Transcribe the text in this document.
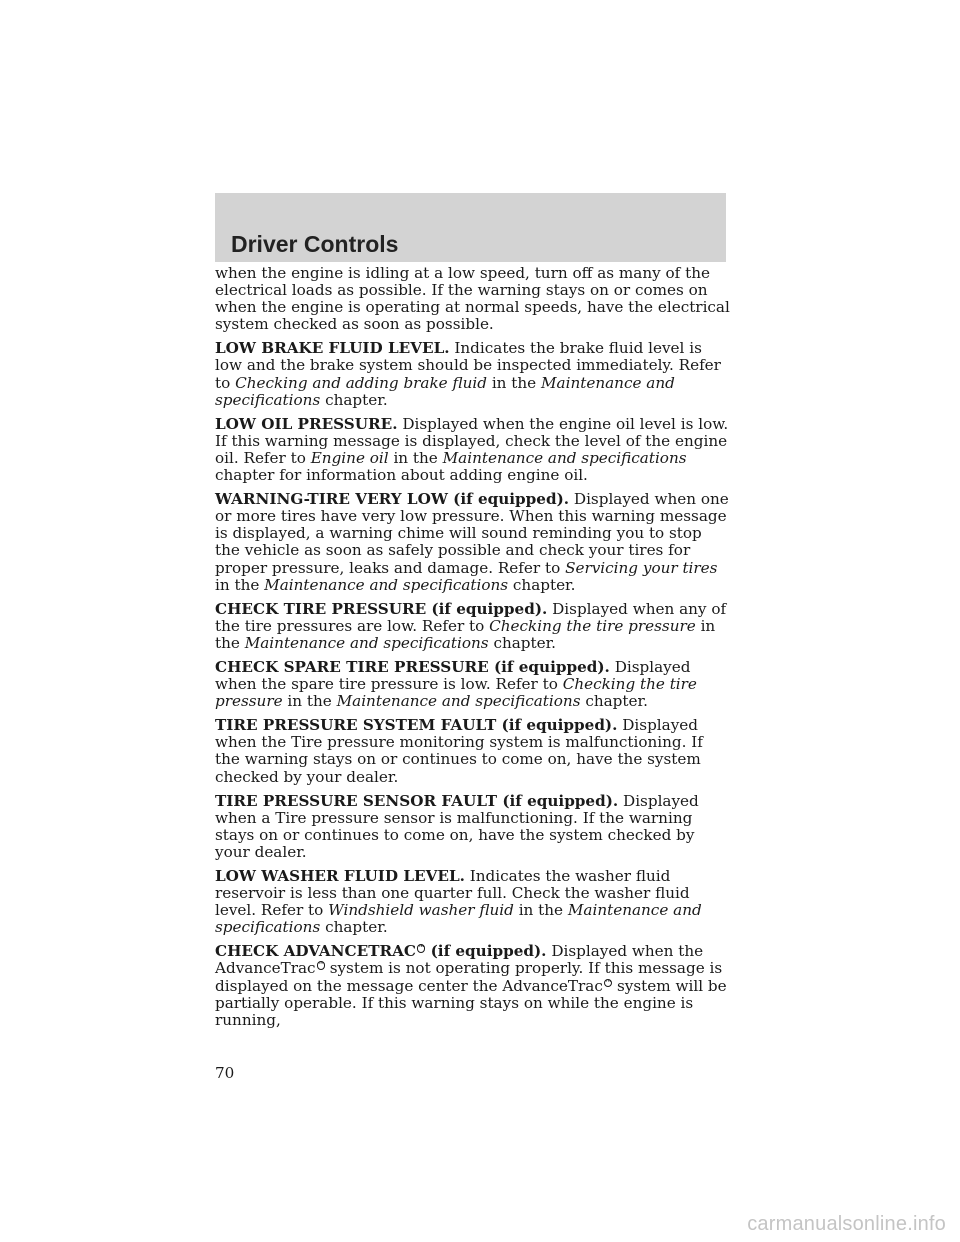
Driver Controls

when the engine is idling at a low speed, turn off as many of the electrical loads as possible. If the warning stays on or comes on when the engine is operating at normal speeds, have the electrical system checked as soon as possible.

LOW BRAKE FLUID LEVEL. Indicates the brake fluid level is low and the brake system should be inspected immediately. Refer to Checking and adding brake fluid in the Maintenance and specifications chapter.

LOW OIL PRESSURE. Displayed when the engine oil level is low. If this warning message is displayed, check the level of the engine oil. Refer to Engine oil in the Maintenance and specifications chapter for information about adding engine oil.

WARNING-TIRE VERY LOW (if equipped). Displayed when one or more tires have very low pressure. When this warning message is displayed, a warning chime will sound reminding you to stop the vehicle as soon as safely possible and check your tires for proper pressure, leaks and damage. Refer to Servicing your tires in the Maintenance and specifications chapter.

CHECK TIRE PRESSURE (if equipped). Displayed when any of the tire pressures are low. Refer to Checking the tire pressure in the Maintenance and specifications chapter.

CHECK SPARE TIRE PRESSURE (if equipped). Displayed when the spare tire pressure is low. Refer to Checking the tire pressure in the Maintenance and specifications chapter.

TIRE PRESSURE SYSTEM FAULT (if equipped). Displayed when the Tire pressure monitoring system is malfunctioning. If the warning stays on or continues to come on, have the system checked by your dealer.

TIRE PRESSURE SENSOR FAULT (if equipped). Displayed when a Tire pressure sensor is malfunctioning. If the warning stays on or continues to come on, have the system checked by your dealer.

LOW WASHER FLUID LEVEL. Indicates the washer fluid reservoir is less than one quarter full. Check the washer fluid level. Refer to Windshield washer fluid in the Maintenance and specifications chapter.

CHECK ADVANCETRAC ™ (if equipped). Displayed when the AdvanceTrac ™ system is not operating properly. If this message is displayed on the message center the AdvanceTrac ™ system will be partially operable. If this warning stays on while the engine is running,

70
carmanualsonline.info
